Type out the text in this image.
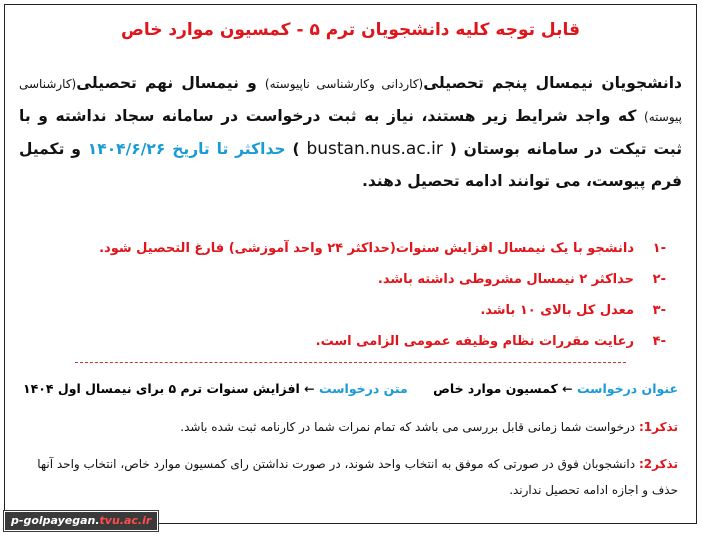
قابل توجه کلیه دانشجویان ترم ۵ - کمسیون موارد خاص
دانشجویان نیمسال پنجم تحصیلی(کاردانی وکارشناسی ناپیوسته) و نیمسال نهم تحصیلی(کارشناسی پیوسته) که واجد شرایط زیر هستند، نیاز به ثبت درخواست در سامانه سجاد نداشته و با ثبت تیکت در سامانه بوستان ( bustan.nus.ac.ir ) حداکثر تا تاریخ ۱۴۰۴/۶/۲۶ و تکمیل فرم پیوست، می توانند ادامه تحصیل دهند.
-۱
دانشجو با یک نیمسال افزایش سنوات(حداکثر ۲۴ واحد آموزشی) فارغ التحصیل شود.
-۲
حداکثر ۲ نیمسال مشروطی داشته باشد.
-۳
معدل کل بالای ۱۰ باشد.
-۴
رعایت مقررات نظام وظیفه عمومی الزامی است.
عنوان درخواست ← کمسیون موارد خاص
متن درخواست ← افزایش سنوات ترم ۵ برای نیمسال اول ۱۴۰۴
تذکر1: درخواست شما زمانی قابل بررسی می باشد که تمام نمرات شما در کارنامه ثبت شده باشد.
تذکر2: دانشجوبان فوق در صورتی که موفق به انتخاب واحد شوند، در صورت نداشتن رای کمسیون موارد خاص، انتخاب واحد آنها حذف و اجازه ادامه تحصیل ندارند.
p-golpayegan.tvu.ac.ir
